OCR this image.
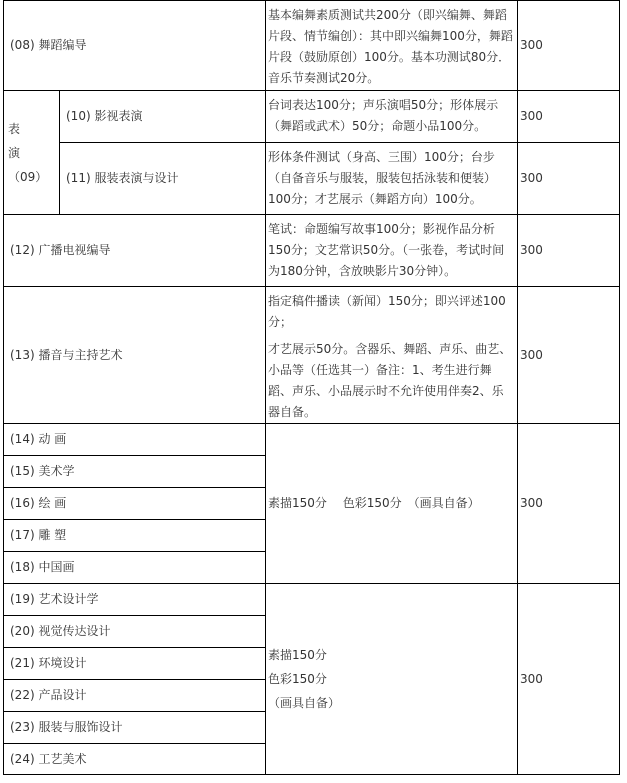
(08) 舞蹈编导

基本编舞素质测试共200分（即兴编舞、舞蹈片段、情节编创）：其中即兴编舞100分，舞蹈片段（鼓励原创）100分。基本功测试80分．音乐节奏测试20分。

300
表
演
（09）
(10) 影视表演

台词表达100分；声乐演唱50分；形体展示（舞蹈或武术）50分；命题小品100分。

300
(11) 服装表演与设计

形体条件测试（身高、三围）100分；台步（自备音乐与服装，服装包括泳装和便装）100分；才艺展示（舞蹈方向）100分。

300
(12) 广播电视编导

笔试：命题编写故事100分；影视作品分析150分；文艺常识50分。（一张卷，考试时间为180分钟，含放映影片30分钟）。

300
(13) 播音与主持艺术

指定稿件播读（新闻）150分；即兴评述100分；

才艺展示50分。含器乐、舞蹈、声乐、曲艺、小品等（任选其一）备注：1、考生进行舞蹈、声乐、小品展示时不允许使用伴奏2、乐器自备。

300
(14) 动 画
(15) 美术学
(16) 绘 画
(17) 雕 塑
(18) 中国画
素描150分　 色彩150分　（画具自备）	300
(19) 艺术设计学
(20) 视觉传达设计
(21) 环境设计
(22) 产品设计
(23) 服装与服饰设计
(24) 工艺美术
素描150分
色彩150分
（画具自备）
300
